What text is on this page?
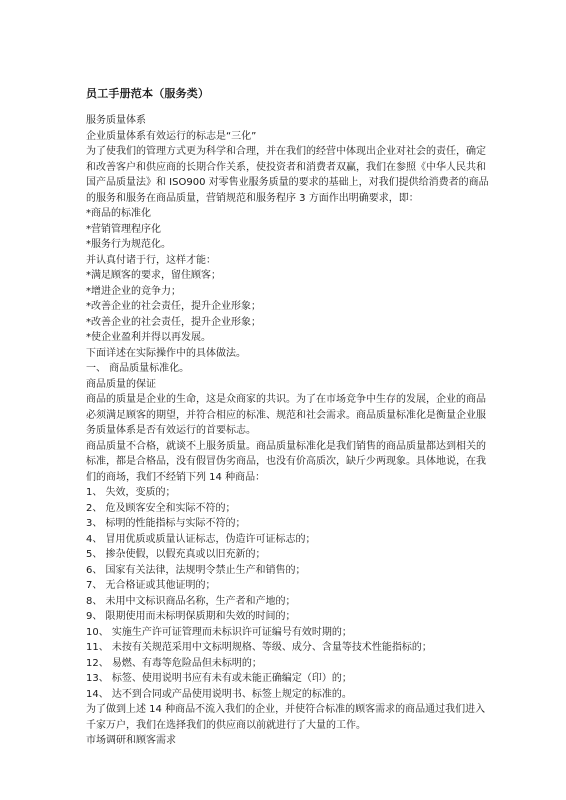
员工手册范本（服务类）
服务质量体系
企业质量体系有效运行的标志是“三化”
为了使我们的管理方式更为科学和合理，并在我们的经营中体现出企业对社会的责任，确定
和改善客户和供应商的长期合作关系，使投资者和消费者双赢，我们在参照《中华人民共和
国产品质量法》和 ISO900 对零售业服务质量的要求的基础上，对我们提供给消费者的商品
的服务和服务在商品质量，营销规范和服务程序 3 方面作出明确要求，即：
*商品的标准化
*营销管理程序化
*服务行为规范化。
并认真付诸于行，这样才能：
*满足顾客的要求，留住顾客；
*增进企业的竞争力；
*改善企业的社会责任，提升企业形象；
*改善企业的社会责任，提升企业形象；
*使企业盈利并得以再发展。
下面详述在实际操作中的具体做法。
一、 商品质量标准化。
商品质量的保证
商品的质量是企业的生命，这是众商家的共识。为了在市场竞争中生存的发展，企业的商品
必须满足顾客的期望，并符合相应的标准、规范和社会需求。商品质量标准化是衡量企业服
务质量体系是否有效运行的首要标志。
商品质量不合格，就谈不上服务质量。商品质量标准化是我们销售的商品质量都达到相关的
标准，都是合格品，没有假冒伪劣商品，也没有价高质次，缺斤少两现象。具体地说，在我
们的商场，我们不经销下列 14 种商品：
1、 失效，变质的；
2、 危及顾客安全和实际不符的；
3、 标明的性能指标与实际不符的；
4、 冒用优质或质量认证标志，伪造许可证标志的；
5、 掺杂使假，以假充真或以旧充新的；
6、 国家有关法律，法规明令禁止生产和销售的；
7、 无合格证或其他证明的；
8、 未用中文标识商品名称，生产者和产地的；
9、 限期使用而未标明保质期和失效的时间的；
10、 实施生产许可证管理而未标识许可证编号有效时期的；
11、 未按有关规范采用中文标明规格、等级、成分、含量等技术性能指标的；
12、 易燃、有毒等危险品但未标明的；
13、 标签、使用说明书应有未有或未能正确编定（印）的；
14、 达不到合同或产品使用说明书、标签上规定的标准的。
为了做到上述 14 种商品不流入我们的企业，并使符合标准的顾客需求的商品通过我们进入
千家万户，我们在选择我们的供应商以前就进行了大量的工作。
市场调研和顾客需求
